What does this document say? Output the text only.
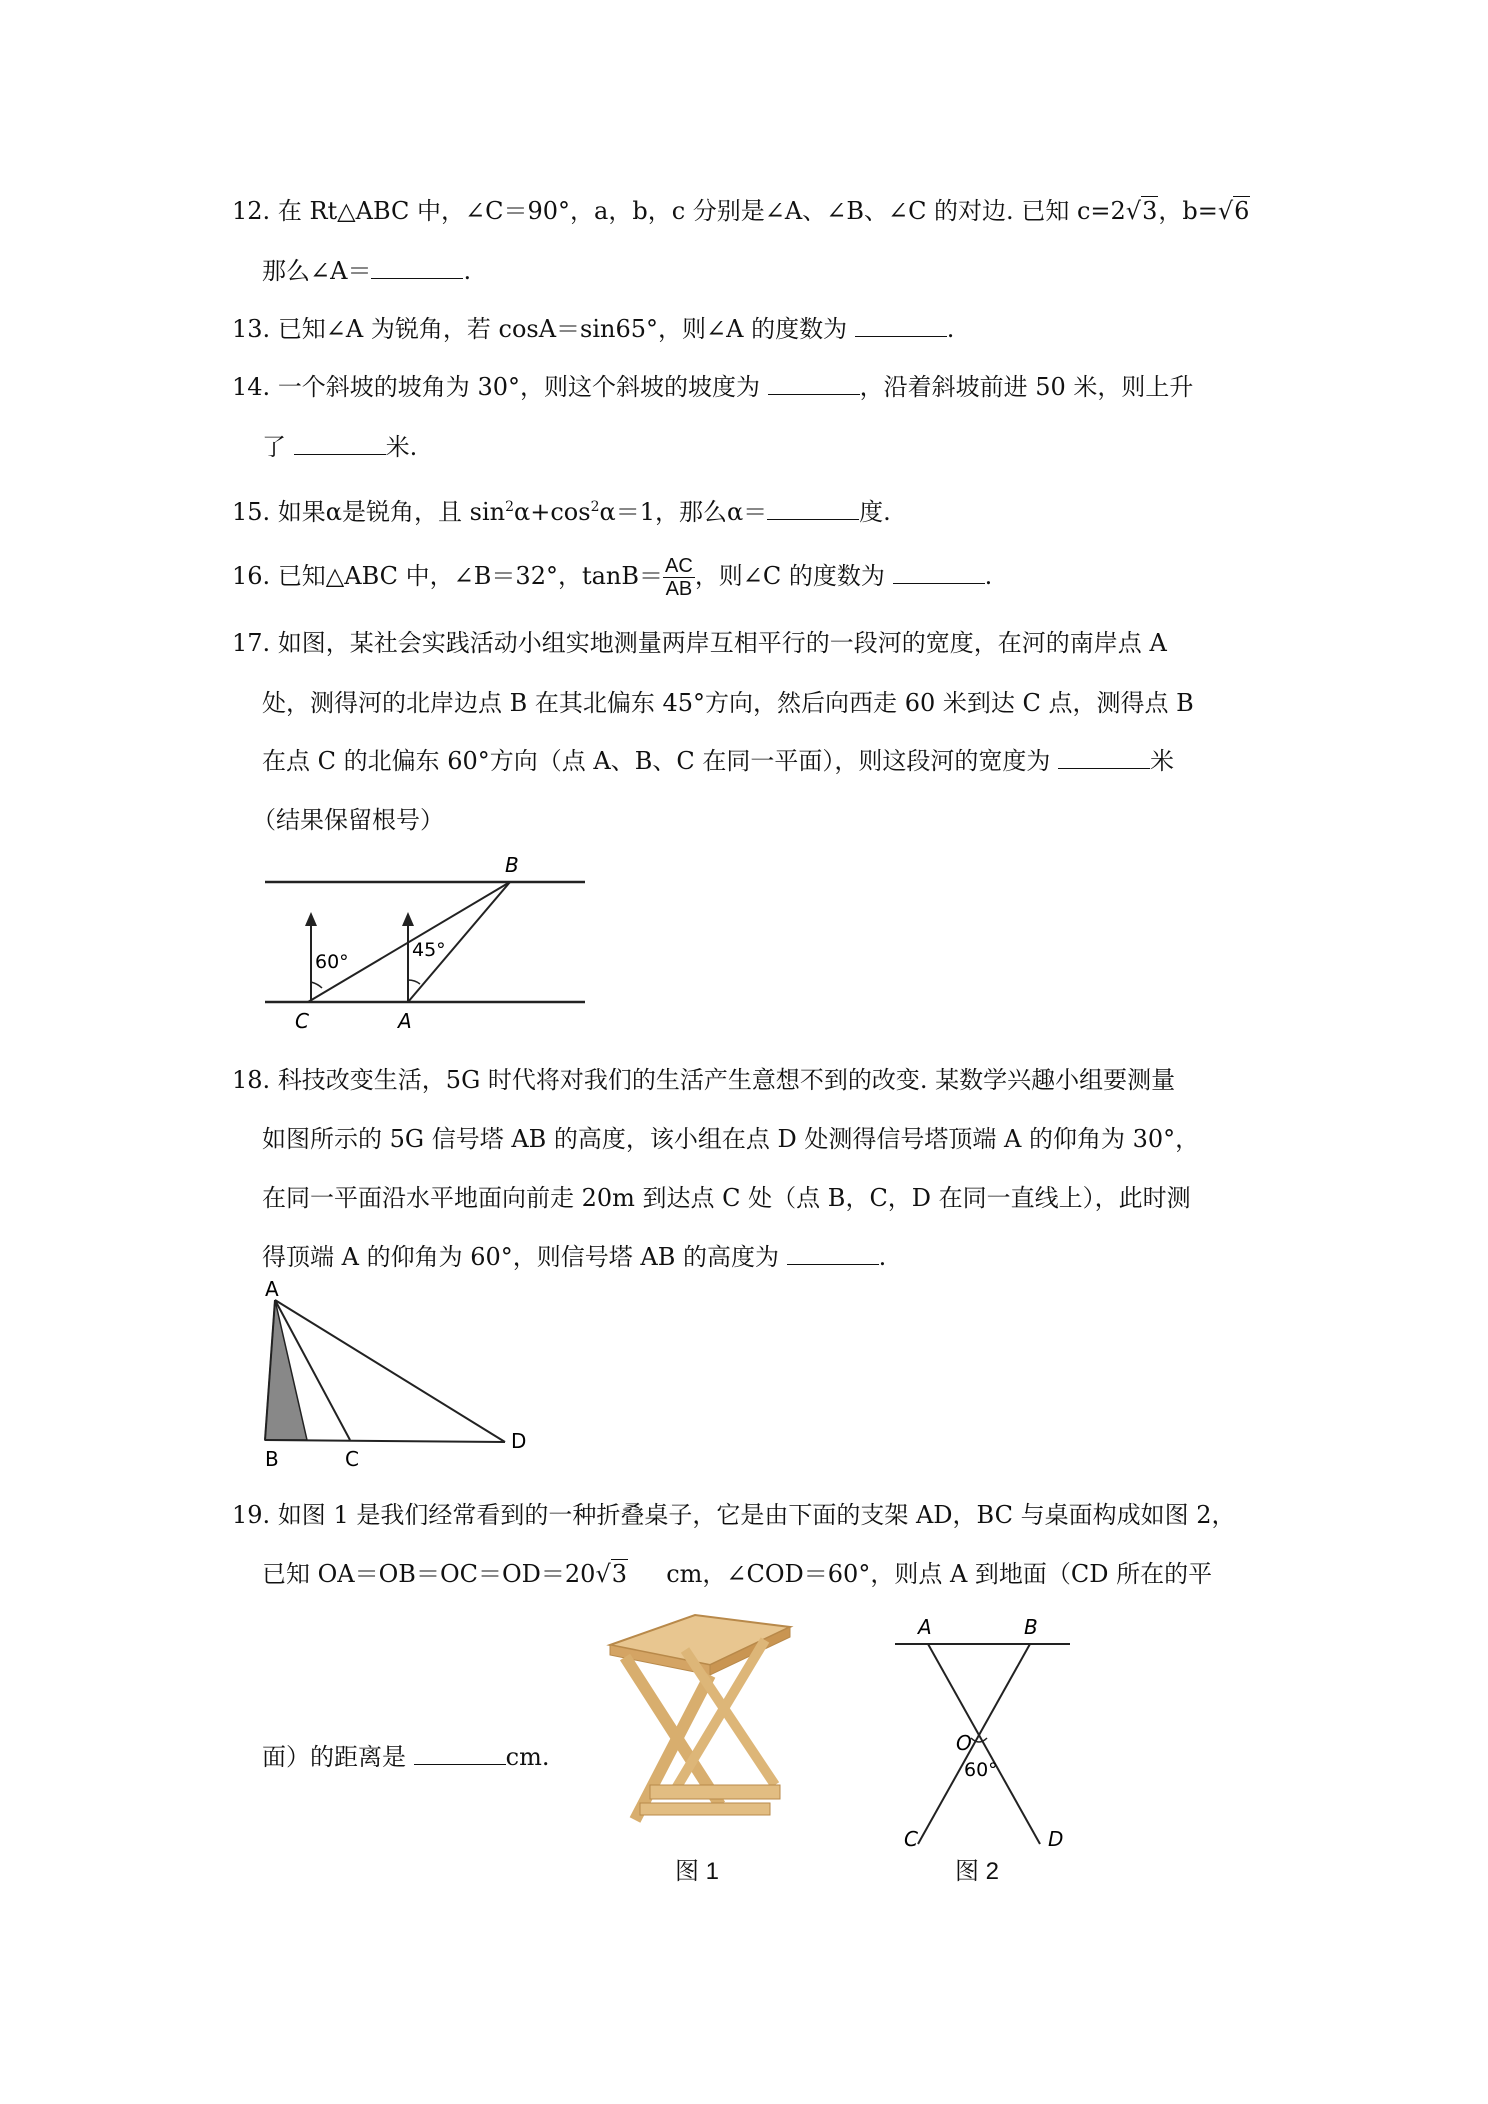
12. 在 Rt△ABC 中，∠C＝90°，a，b，c 分别是∠A、∠B、∠C 的对边. 已知 c=2√3，b=√6
那么∠A＝	.
13. 已知∠A 为锐角，若 cosA＝sin65°，则∠A 的度数为	.
14. 一个斜坡的坡角为 30°，则这个斜坡的坡度为	，沿着斜坡前进 50 米，则上升
了	米.
15. 如果α是锐角，且 $\sin^2\alpha+\cos^2\alpha=1$，那么α＝	度.
16. 已知△ABC 中，∠B＝32°，$\tan B= \frac{AC}{AB}$ ，则∠C 的度数为	.
17. 如图，某社会实践活动小组实地测量两岸互相平行的一段河的宽度，在河的南岸点 A
处，测得河的北岸边点 B 在其北偏东 45°方向，然后向西走 60 米到达 C 点，测得点 B
在点 C 的北偏东 60°方向（点 A、B、C 在同一平面），则这段河的宽度为	米
（结果保留根号）
60°
45°
B
C	A
18. 科技改变生活，5G 时代将对我们的生活产生意想不到的改变. 某数学兴趣小组要测量
如图所示的 5G 信号塔 AB 的高度，该小组在点 D 处测得信号塔顶端 A 的仰角为 30°，
在同一平面沿水平地面向前走 20m 到达点 C 处（点 B，C，D 在同一直线上），此时测
得顶端 A 的仰角为 60°，则信号塔 AB 的高度为	.
A
B	C
D
19. 如图 1 是我们经常看到的一种折叠桌子，它是由下面的支架 AD，BC 与桌面构成如图 2，
已知 OA＝OB＝OC＝OD＝20√3 cm，∠COD＝60°，则点 A 到地面（CD 所在的平
面）的距离是	cm.
图 1
A	B
O
60°
C	D
图 2
